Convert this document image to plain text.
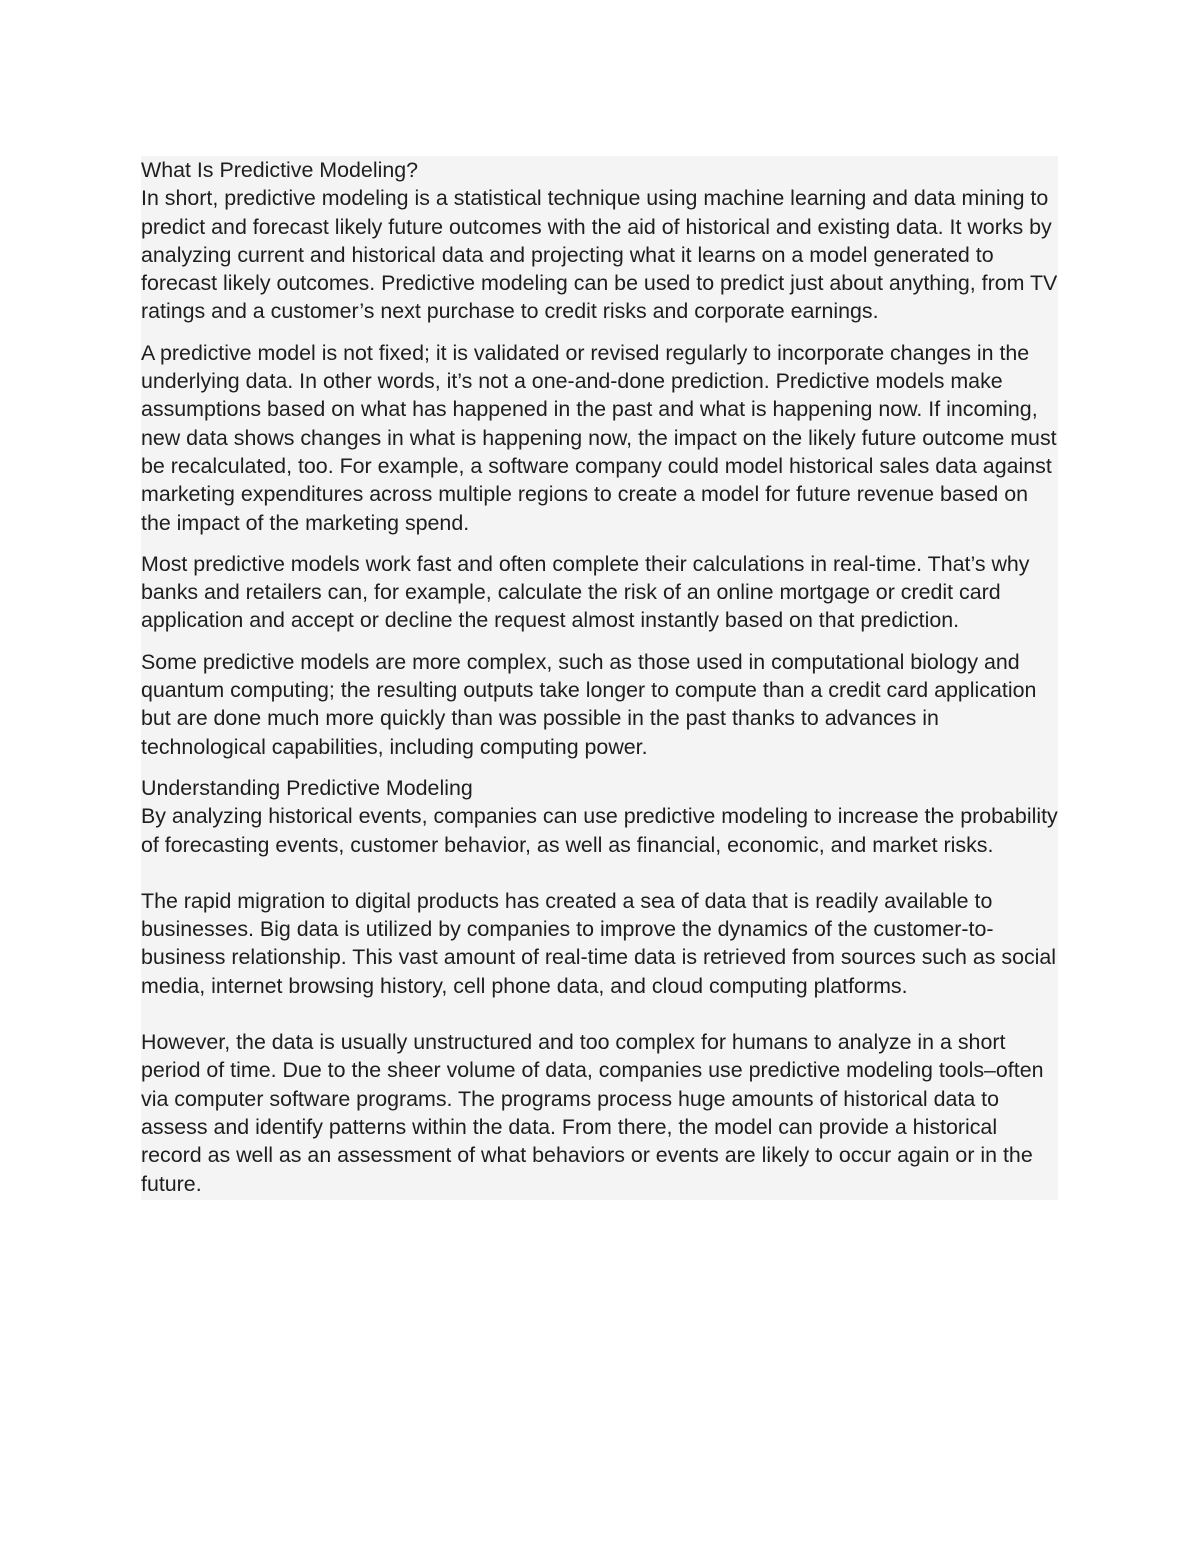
What Is Predictive Modeling?

In short, predictive modeling is a statistical technique using machine learning and data mining to predict and forecast likely future outcomes with the aid of historical and existing data. It works by analyzing current and historical data and projecting what it learns on a model generated to forecast likely outcomes. Predictive modeling can be used to predict just about anything, from TV ratings and a customer’s next purchase to credit risks and corporate earnings.

A predictive model is not fixed; it is validated or revised regularly to incorporate changes in the underlying data. In other words, it’s not a one-and-done prediction. Predictive models make assumptions based on what has happened in the past and what is happening now. If incoming, new data shows changes in what is happening now, the impact on the likely future outcome must be recalculated, too. For example, a software company could model historical sales data against marketing expenditures across multiple regions to create a model for future revenue based on the impact of the marketing spend.

Most predictive models work fast and often complete their calculations in real-time. That’s why banks and retailers can, for example, calculate the risk of an online mortgage or credit card application and accept or decline the request almost instantly based on that prediction.

Some predictive models are more complex, such as those used in computational biology and quantum computing; the resulting outputs take longer to compute than a credit card application but are done much more quickly than was possible in the past thanks to advances in technological capabilities, including computing power.

Understanding Predictive Modeling

By analyzing historical events, companies can use predictive modeling to increase the probability of forecasting events, customer behavior, as well as financial, economic, and market risks.

The rapid migration to digital products has created a sea of data that is readily available to businesses. Big data is utilized by companies to improve the dynamics of the customer-to-business relationship. This vast amount of real-time data is retrieved from sources such as social media, internet browsing history, cell phone data, and cloud computing platforms.

However, the data is usually unstructured and too complex for humans to analyze in a short period of time. Due to the sheer volume of data, companies use predictive modeling tools–often via computer software programs. The programs process huge amounts of historical data to assess and identify patterns within the data. From there, the model can provide a historical record as well as an assessment of what behaviors or events are likely to occur again or in the future.
